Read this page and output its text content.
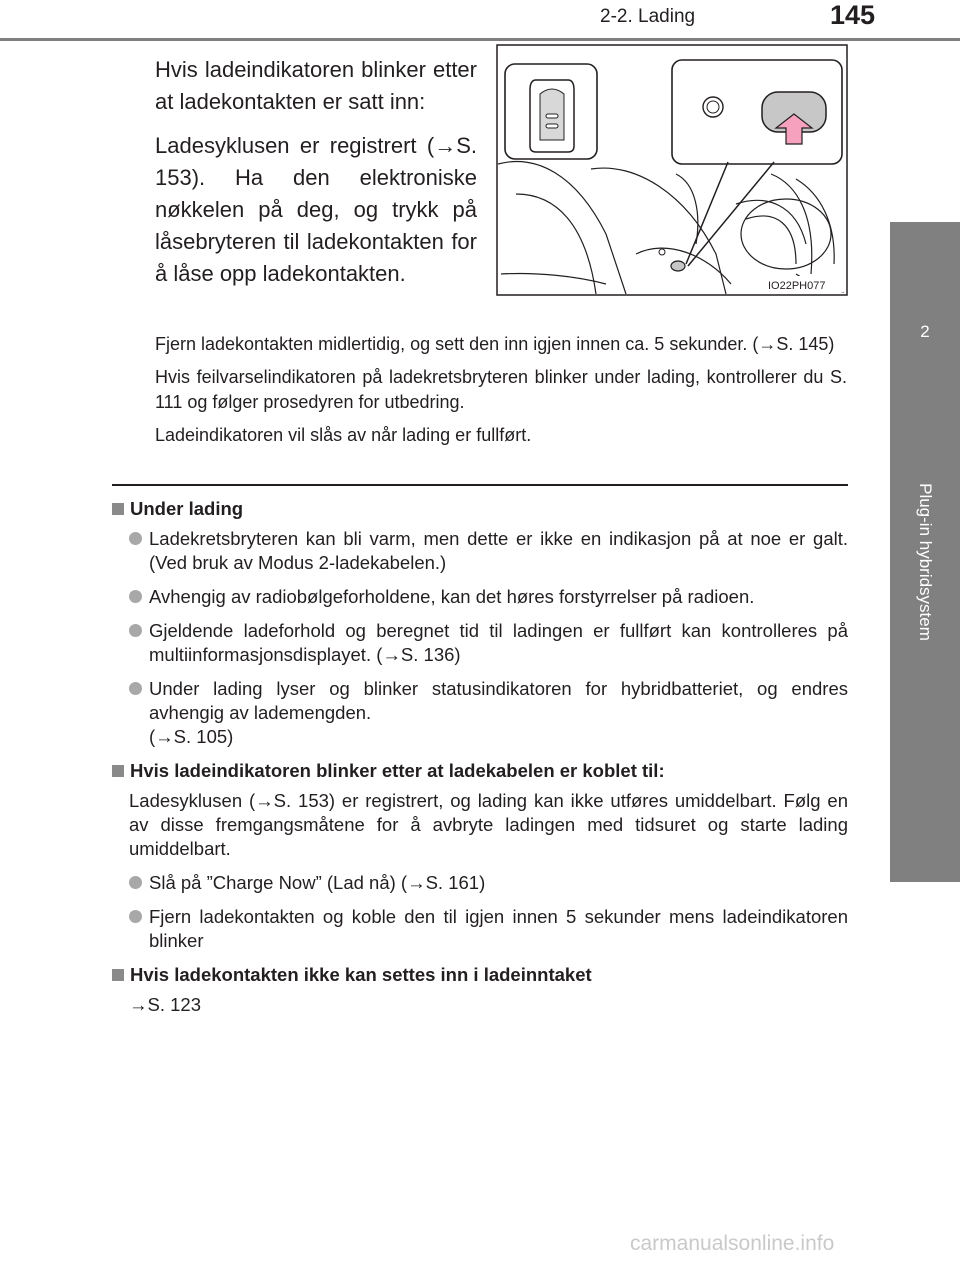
2-2. Lading	145
2
Plug-in hybridsystem

Hvis ladeindikatoren blinker etter at ladekontakten er satt inn:

Ladesyklusen er registrert (→S. 153). Ha den elektroniske nøkkelen på deg, og trykk på låsebryteren til ladekontakten for å låse opp ladekontakten.	IO22PH077

Fjern ladekontakten midlertidig, og sett den inn igjen innen ca. 5 sekunder. (→S. 145)

Hvis feilvarselindikatoren på ladekretsbryteren blinker under lading, kontrollerer du S. 111 og følger prosedyren for utbedring.

Ladeindikatoren vil slås av når lading er fullført.

Under lading
Ladekretsbryteren kan bli varm, men dette er ikke en indikasjon på at noe er galt. (Ved bruk av Modus 2-ladekabelen.)
Avhengig av radiobølgeforholdene, kan det høres forstyrrelser på radioen.
Gjeldende ladeforhold og beregnet tid til ladingen er fullført kan kontrolleres på multiinformasjonsdisplayet. (→S. 136)
Under lading lyser og blinker statusindikatoren for hybridbatteriet, og endres avhengig av lademengden.
(→S. 105)
Hvis ladeindikatoren blinker etter at ladekabelen er koblet til:
Ladesyklusen (→S. 153) er registrert, og lading kan ikke utføres umiddelbart. Følg en av disse fremgangsmåtene for å avbryte ladingen med tidsuret og starte lading umiddelbart.
Slå på ”Charge Now” (Lad nå) (→S. 161)
Fjern ladekontakten og koble den til igjen innen 5 sekunder mens ladeindikatoren blinker
Hvis ladekontakten ikke kan settes inn i ladeinntaket
→S. 123
carmanualsonline.info
